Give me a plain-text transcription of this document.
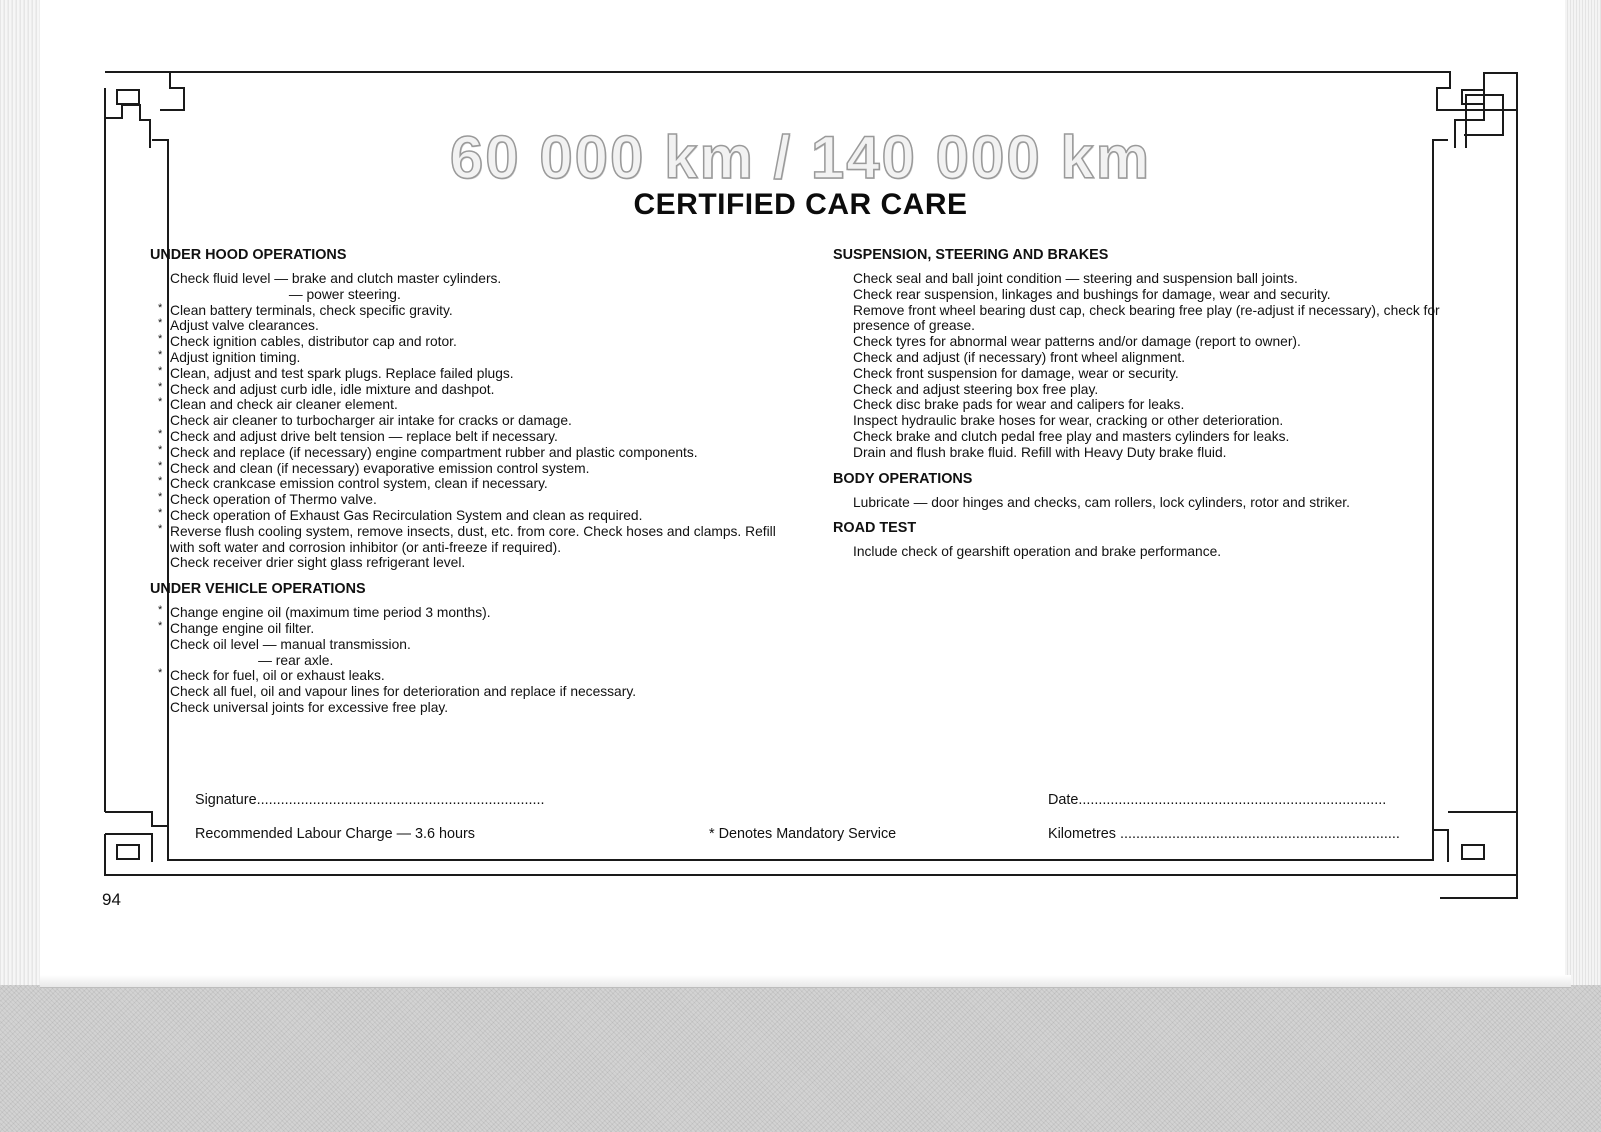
60 000 km / 140 000 km
CERTIFIED CAR CARE
UNDER HOOD OPERATIONS
Check fluid level — brake and clutch master cylinders.
— power steering.
* Clean battery terminals, check specific gravity.
* Adjust valve clearances.
* Check ignition cables, distributor cap and rotor.
* Adjust ignition timing.
* Clean, adjust and test spark plugs. Replace failed plugs.
* Check and adjust curb idle, idle mixture and dashpot.
* Clean and check air cleaner element.
Check air cleaner to turbocharger air intake for cracks or damage.
* Check and adjust drive belt tension — replace belt if necessary.
* Check and replace (if necessary) engine compartment rubber and plastic components.
* Check and clean (if necessary) evaporative emission control system.
* Check crankcase emission control system, clean if necessary.
* Check operation of Thermo valve.
* Check operation of Exhaust Gas Recirculation System and clean as required.
* Reverse flush cooling system, remove insects, dust, etc. from core. Check hoses and clamps. Refill with soft water and corrosion inhibitor (or anti-freeze if required).
Check receiver drier sight glass refrigerant level.
UNDER VEHICLE OPERATIONS
* Change engine oil (maximum time period 3 months).
* Change engine oil filter.
Check oil level — manual transmission.
— rear axle.
* Check for fuel, oil or exhaust leaks.
Check all fuel, oil and vapour lines for deterioration and replace if necessary.
Check universal joints for excessive free play.
SUSPENSION, STEERING AND BRAKES
Check seal and ball joint condition — steering and suspension ball joints.
Check rear suspension, linkages and bushings for damage, wear and security.
Remove front wheel bearing dust cap, check bearing free play (re-adjust if necessary), check for presence of grease.
Check tyres for abnormal wear patterns and/or damage (report to owner).
Check and adjust (if necessary) front wheel alignment.
Check front suspension for damage, wear or security.
Check and adjust steering box free play.
Check disc brake pads for wear and calipers for leaks.
Inspect hydraulic brake hoses for wear, cracking or other deterioration.
Check brake and clutch pedal free play and masters cylinders for leaks.
Drain and flush brake fluid. Refill with Heavy Duty brake fluid.
BODY OPERATIONS
Lubricate — door hinges and checks, cam rollers, lock cylinders, rotor and striker.
ROAD TEST
Include check of gearshift operation and brake performance.
Signature........................................................................	Date.............................................................................
Recommended Labour Charge — 3.6 hours	* Denotes Mandatory Service	Kilometres ......................................................................
94
